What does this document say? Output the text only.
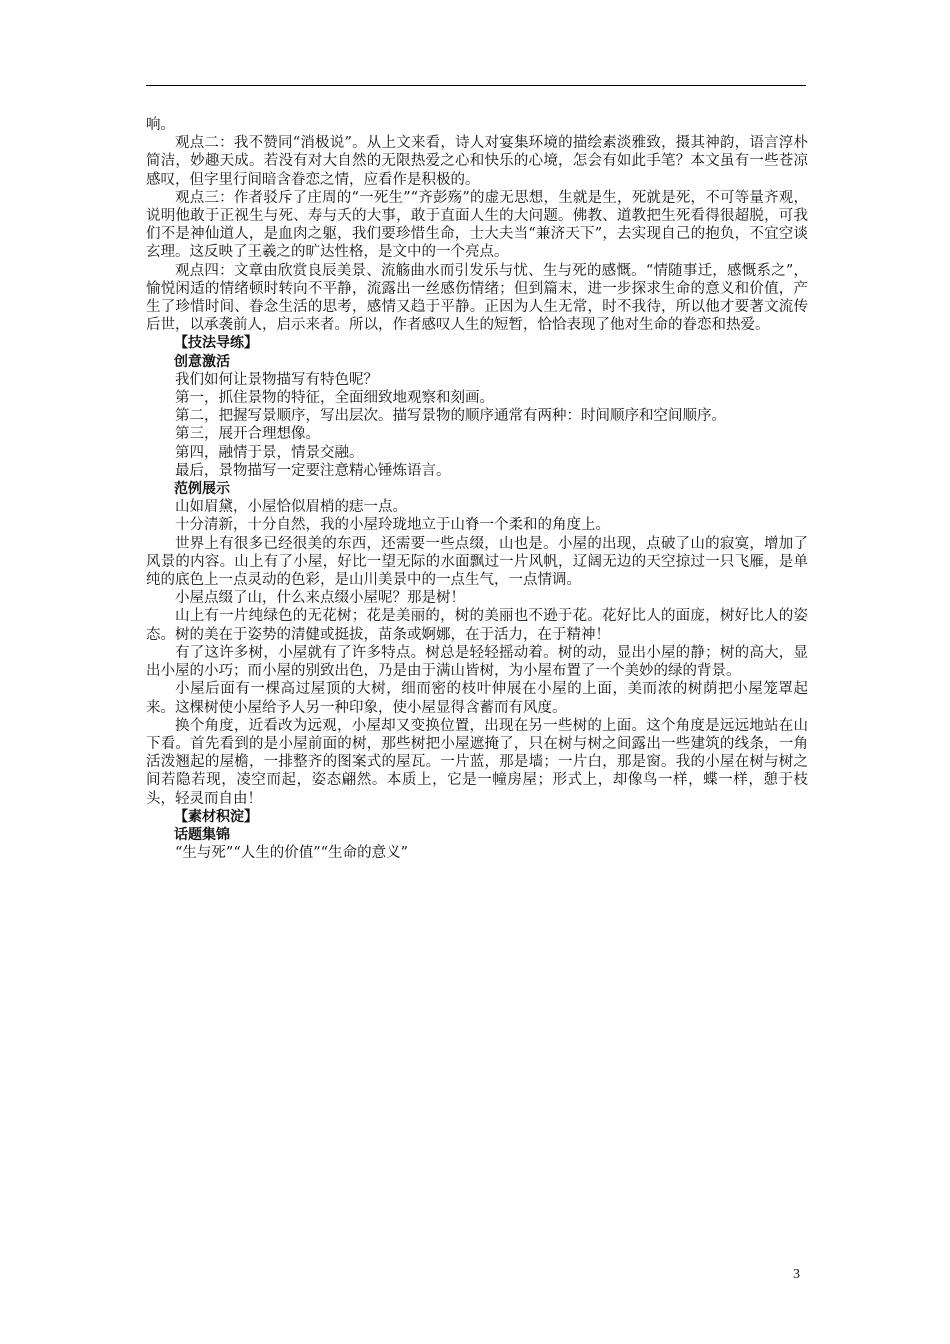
响。

观点二：我不赞同“消极说”。从上文来看，诗人对宴集环境的描绘素淡雅致，摄其神韵，语言淳朴简洁，妙趣天成。若没有对大自然的无限热爱之心和快乐的心境，怎会有如此手笔？本文虽有一些苍凉感叹，但字里行间暗含眷恋之情，应看作是积极的。

观点三：作者驳斥了庄周的“一死生”“齐彭殇”的虚无思想，生就是生，死就是死，不可等量齐观，说明他敢于正视生与死、寿与夭的大事，敢于直面人生的大问题。佛教、道教把生死看得很超脱，可我们不是神仙道人，是血肉之躯，我们要珍惜生命，士大夫当“兼济天下”，去实现自己的抱负，不宜空谈玄理。这反映了王羲之的旷达性格，是文中的一个亮点。

观点四：文章由欣赏良辰美景、流觞曲水而引发乐与忧、生与死的感慨。“情随事迁，感慨系之”，愉悦闲适的情绪顿时转向不平静，流露出一丝感伤情绪；但到篇末，进一步探求生命的意义和价值，产生了珍惜时间、眷念生活的思考，感情又趋于平静。正因为人生无常，时不我待，所以他才要著文流传后世，以承袭前人，启示来者。所以，作者感叹人生的短暂，恰恰表现了他对生命的眷恋和热爱。

【技法导练】

创意激活

我们如何让景物描写有特色呢？

第一，抓住景物的特征，全面细致地观察和刻画。

第二，把握写景顺序，写出层次。描写景物的顺序通常有两种：时间顺序和空间顺序。

第三，展开合理想像。

第四，融情于景，情景交融。

最后，景物描写一定要注意精心锤炼语言。

范例展示

山如眉黛，小屋恰似眉梢的痣一点。

十分清新，十分自然，我的小屋玲珑地立于山脊一个柔和的角度上。

世界上有很多已经很美的东西，还需要一些点缀，山也是。小屋的出现，点破了山的寂寞，增加了风景的内容。山上有了小屋，好比一望无际的水面飘过一片风帆，辽阔无边的天空掠过一只飞雁，是单纯的底色上一点灵动的色彩，是山川美景中的一点生气，一点情调。

小屋点缀了山，什么来点缀小屋呢？那是树！

山上有一片纯绿色的无花树；花是美丽的，树的美丽也不逊于花。花好比人的面庞，树好比人的姿态。树的美在于姿势的清健或挺拔，苗条或婀娜，在于活力，在于精神！

有了这许多树，小屋就有了许多特点。树总是轻轻摇动着。树的动，显出小屋的静；树的高大，显出小屋的小巧；而小屋的别致出色，乃是由于满山皆树，为小屋布置了一个美妙的绿的背景。

小屋后面有一棵高过屋顶的大树，细而密的枝叶伸展在小屋的上面，美而浓的树荫把小屋笼罩起来。这棵树使小屋给予人另一种印象，使小屋显得含蓄而有风度。

换个角度，近看改为远观，小屋却又变换位置，出现在另一些树的上面。这个角度是远远地站在山下看。首先看到的是小屋前面的树，那些树把小屋遮掩了，只在树与树之间露出一些建筑的线条，一角活泼翘起的屋檐，一排整齐的图案式的屋瓦。一片蓝，那是墙；一片白，那是窗。我的小屋在树与树之间若隐若现，凌空而起，姿态翩然。本质上，它是一幢房屋；形式上，却像鸟一样，蝶一样，憩于枝头，轻灵而自由！

【素材积淀】

话题集锦

“生与死”“人生的价值”“生命的意义”

3
